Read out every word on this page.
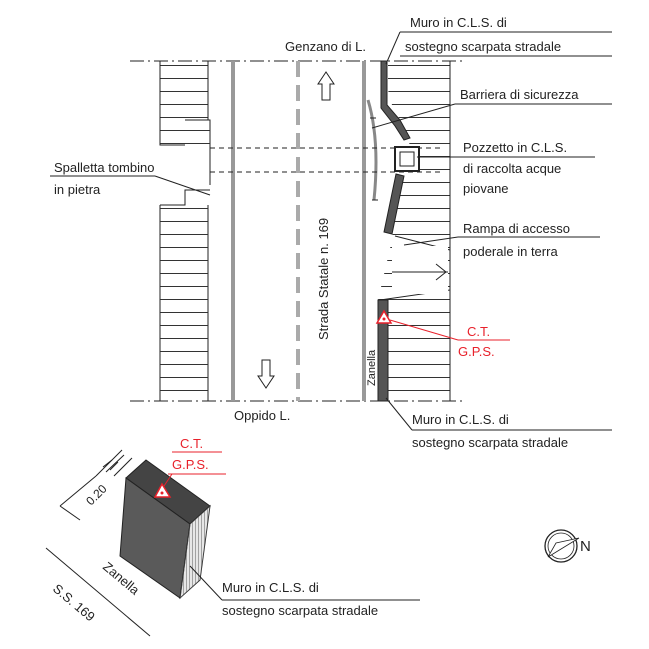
Genzano di L.
Oppido L.
Strada Statale n. 169
Zanella
Muro in C.L.S. di
sostegno scarpata stradale
Barriera di sicurezza
Pozzetto in C.L.S.
di raccolta acque
piovane
Spalletta tombino
in pietra
Rampa di accesso
poderale in terra
C.T.
G.P.S.
Muro in C.L.S. di
sostegno scarpata stradale
C.T.
G.P.S.
0.20
Zanella
S.S. 169	Muro in C.L.S. di
sostegno scarpata stradale
N
